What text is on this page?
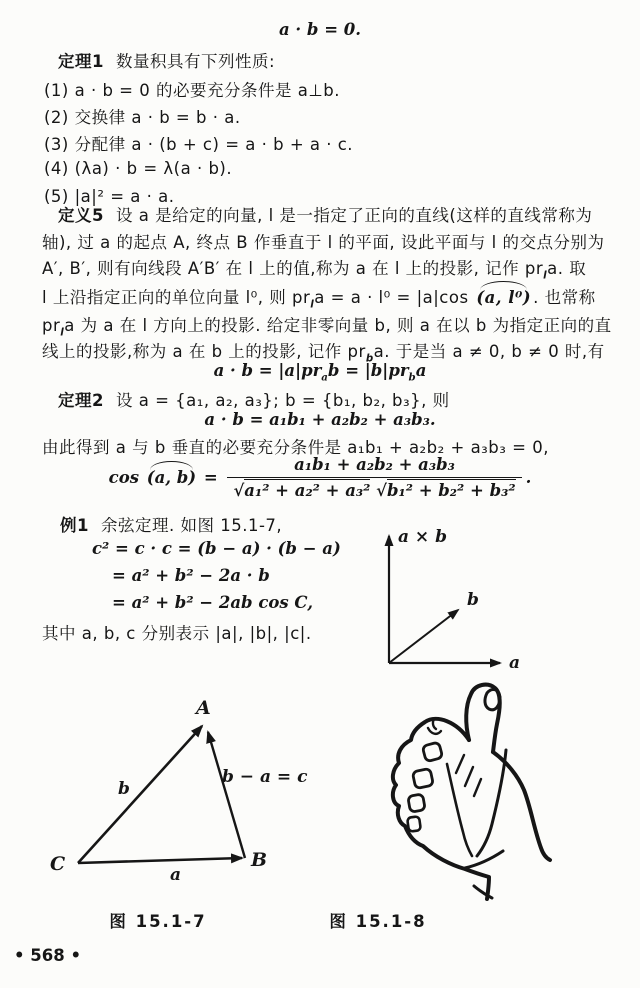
a · b = 0.

定理1 数量积具有下列性质:

(1) a · b = 0 的必要充分条件是 a⊥b.

(2) 交换律 a · b = b · a.

(3) 分配律 a · (b + c) = a · b + a · c.

(4) (λa) · b = λ(a · b).

(5) |a|² = a · a.

定义5 设 a 是给定的向量, l 是一指定了正向的直线(这样的直线常称为

轴), 过 a 的起点 A, 终点 B 作垂直于 l 的平面, 设此平面与 l 的交点分别为

A′, B′, 则有向线段 A′B′ 在 l 上的值,称为 a 在 l 上的投影, 记作 $pr_la$. 取

l 上沿指定正向的单位向量 l⁰, 则 $pr_la = a \cdot l^0 = |a|\cos$ (a, l⁰) . 也常称

$pr_la$ 为 a 在 l 方向上的投影. 给定非零向量 b, 则 a 在以 b 为指定正向的直

线上的投影,称为 a 在 b 上的投影, 记作 $pr_ba$. 于是当 a ≠ 0, b ≠ 0 时,有

$a \cdot b = |a|pr_ab = |b|pr_ba$

定理2 设 a = {a₁, a₂, a₃}; b = {b₁, b₂, b₃}, 则

a · b = a₁b₁ + a₂b₂ + a₃b₃.

由此得到 a 与 b 垂直的必要充分条件是 a₁b₁ + a₂b₂ + a₃b₃ = 0,

cos (a, $b) = \frac{\text{a₁b₁ + a₂b₂ + a₃b₃}}{\text{√a₁² + a₂² + a₃² √b₁² + b₂² + b₃²}}$ .

例1 余弦定理. 如图 15.1-7,

c² = c · c = (b − a) · (b − a)

= a² + b² − 2a · b

= a² + b² − 2ab cos C,

其中 a, b, c 分别表示 |a|, |b|, |c|.

a × b
b
a
A
C	B
b
a
b − a = c

图 15.1-7	图 15.1-8

• 568 •
